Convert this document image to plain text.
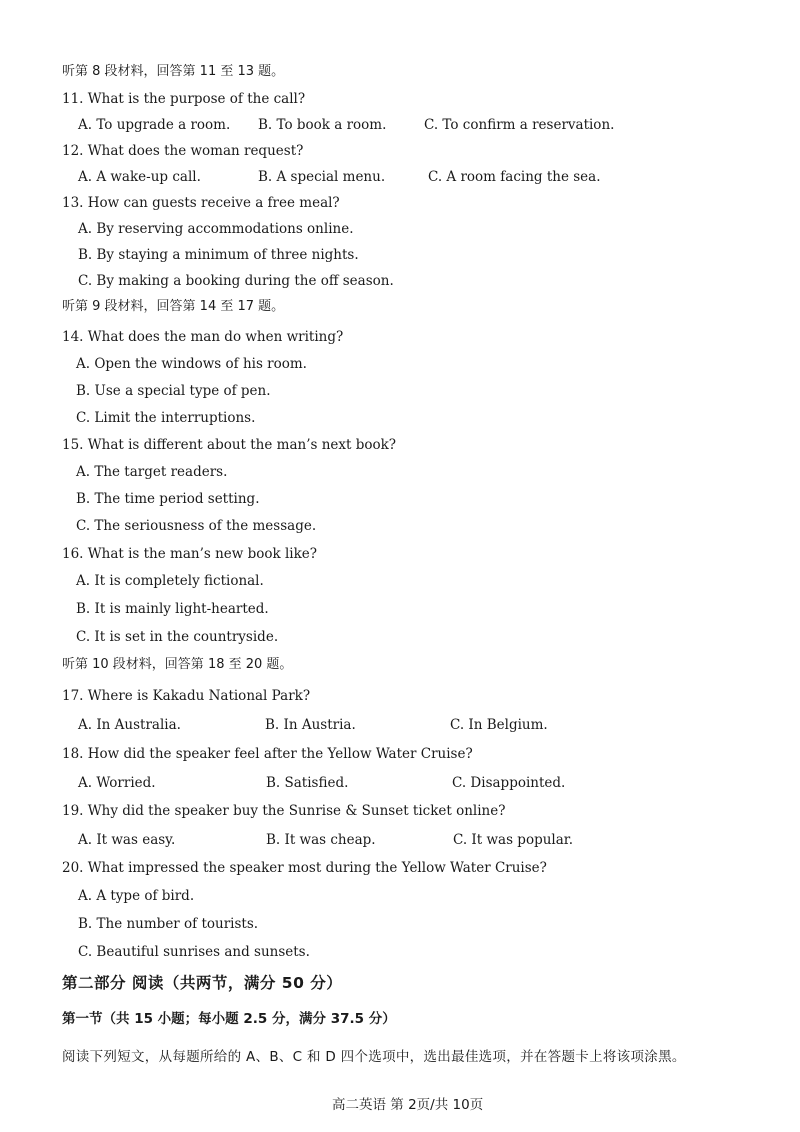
听第 8 段材料，回答第 11 至 13 题。
11. What is the purpose of the call?
A. To upgrade a room. B. To book a room.	C. To confirm a reservation.
12. What does the woman request?
A. A wake-up call.	B. A special menu.	C. A room facing the sea.
13. How can guests receive a free meal?
A. By reserving accommodations online.
B. By staying a minimum of three nights.
C. By making a booking during the off season.
听第 9 段材料，回答第 14 至 17 题。
14. What does the man do when writing?
A. Open the windows of his room.
B. Use a special type of pen.
C. Limit the interruptions.
15. What is different about the man’s next book?
A. The target readers.
B. The time period setting.
C. The seriousness of the message.
16. What is the man’s new book like?
A. It is completely fictional.
B. It is mainly light-hearted.
C. It is set in the countryside.
听第 10 段材料，回答第 18 至 20 题。
17. Where is Kakadu National Park?
A. In Australia.	B. In Austria.	C. In Belgium.
18. How did the speaker feel after the Yellow Water Cruise?
A. Worried.	B. Satisfied.	C. Disappointed.
19. Why did the speaker buy the Sunrise & Sunset ticket online?
A. It was easy.	B. It was cheap.	C. It was popular.
20. What impressed the speaker most during the Yellow Water Cruise?
A. A type of bird.
B. The number of tourists.
C. Beautiful sunrises and sunsets.
第二部分 阅读（共两节，满分 50 分）
第一节（共 15 小题；每小题 2.5 分，满分 37.5 分）
阅读下列短文，从每题所给的 A、B、C 和 D 四个选项中，选出最佳选项，并在答题卡上将该项涂黑。
高二英语 第 2页/共 10页
